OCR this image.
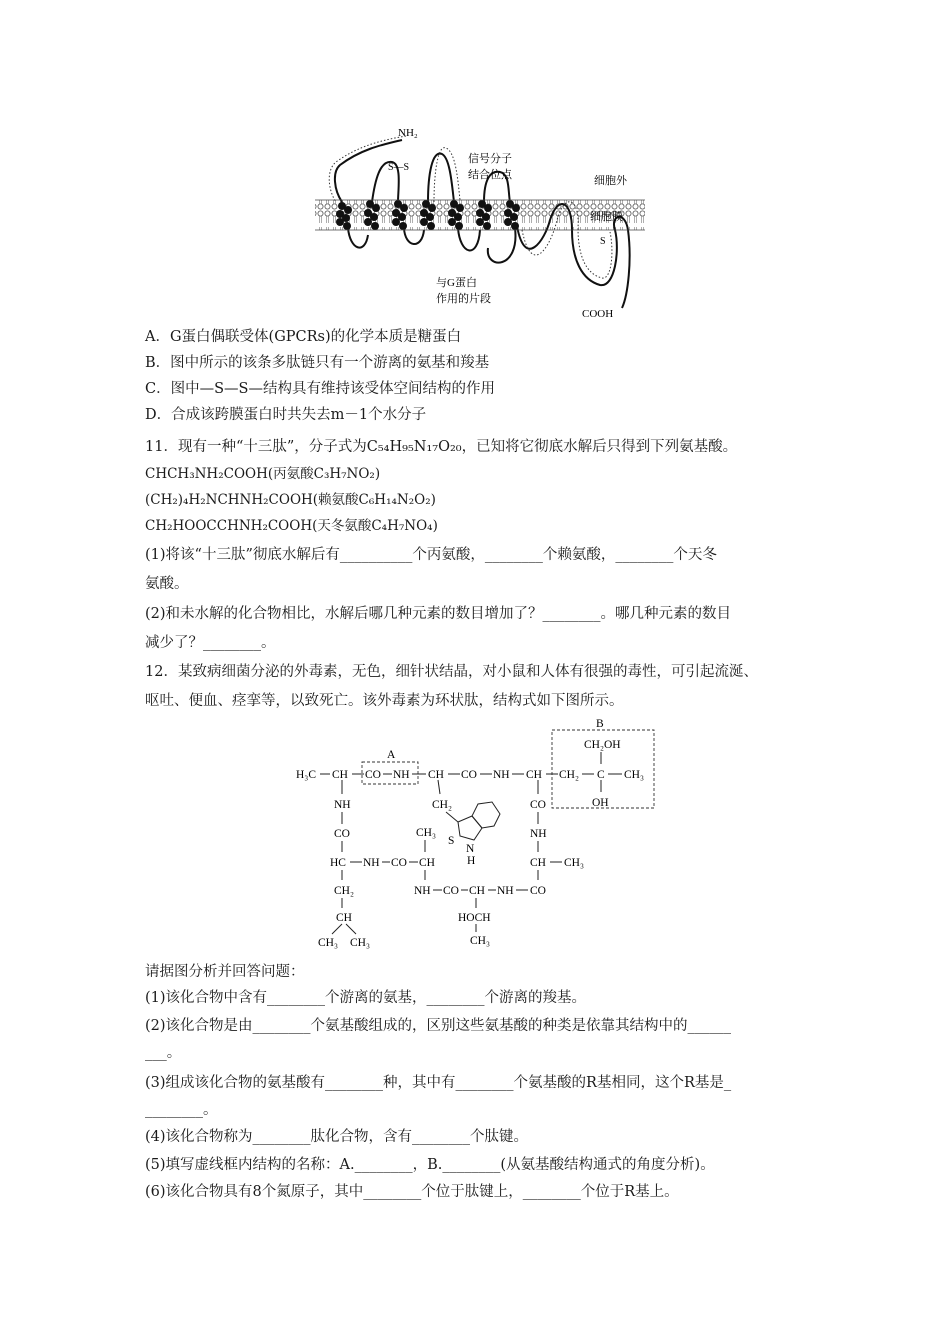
NH₂
S—S
信号分子
结合位点	细胞外
细胞膜
S
与G蛋白
作用的片段
COOH
A．G蛋白偶联受体(GPCRs)的化学本质是糖蛋白
B．图中所示的该条多肽链只有一个游离的氨基和羧基
C．图中—S—S—结构具有维持该受体空间结构的作用
D．合成该跨膜蛋白时共失去m－1个水分子
11．现有一种“十三肽”，分子式为C₅₄H₉₅N₁₇O₂₀，已知将它彻底水解后只得到下列氨基酸。
CHCH₃NH₂COOH(丙氨酸C₃H₇NO₂)
(CH₂)₄H₂NCHNH₂COOH(赖氨酸C₆H₁₄N₂O₂)
CH₂HOOCCHNH₂COOH(天冬氨酸C₄H₇NO₄)
(1)将该“十三肽”彻底水解后有__________个丙氨酸，________个赖氨酸，________个天冬
氨酸。
(2)和未水解的化合物相比，水解后哪几种元素的数目增加了？________。哪几种元素的数目
减少了？________。
12．某致病细菌分泌的外毒素，无色，细针状结晶，对小鼠和人体有很强的毒性，可引起流涎、
呕吐、便血、痉挛等，以致死亡。该外毒素为环状肽，结构式如下图所示。
A
B
H₃C CH CO NH CH CO NH CH CH₂ C CH₃
CH₂OH
OH
NH
CO
HC NH CO CH
CH₂
CH
CH₃ CH₃
CH₂
S
N
H
CH₃
NH CO CH NH CO
HOCH
CH₃
CO
NH
CH CH₃
请据图分析并回答问题：
(1)该化合物中含有________个游离的氨基，________个游离的羧基。
(2)该化合物是由________个氨基酸组成的，区别这些氨基酸的种类是依靠其结构中的______
___。
(3)组成该化合物的氨基酸有________种，其中有________个氨基酸的R基相同，这个R基是_
________。
(4)该化合物称为________肽化合物，含有________个肽键。
(5)填写虚线框内结构的名称：A.________，B.________(从氨基酸结构通式的角度分析)。
(6)该化合物具有8个氮原子，其中________个位于肽键上，________个位于R基上。
